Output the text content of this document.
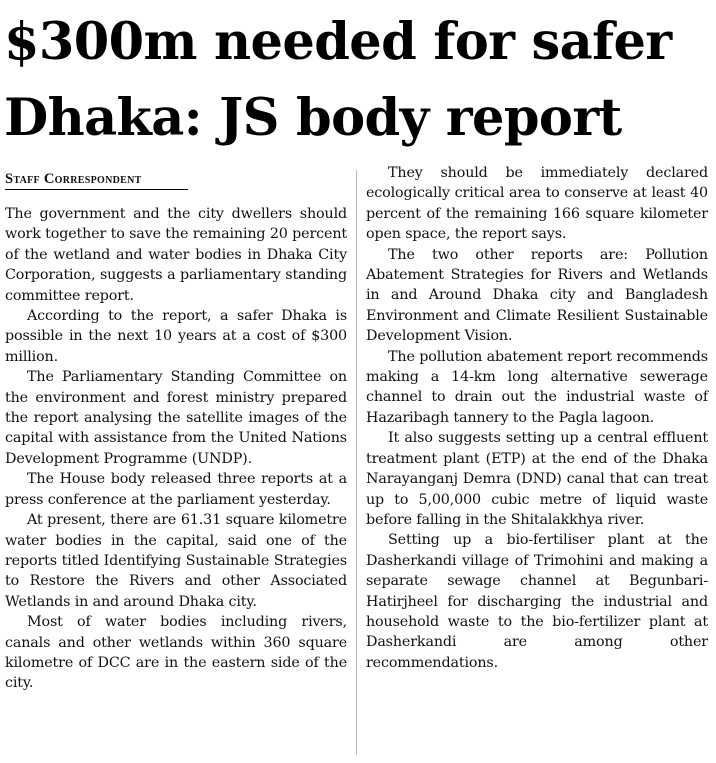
$300m needed for safer
Dhaka: JS body report
Staff Correspondent

The government and the city dwellers should work together to save the remaining 20 percent of the wetland and water bodies in Dhaka City Corporation, suggests a parliamentary standing committee report.

According to the report, a safer Dhaka is possible in the next 10 years at a cost of $300 million.

The Parliamentary Standing Committee on the environment and forest ministry prepared the report analysing the satellite images of the capital with assistance from the United Nations Development Programme (UNDP).

The House body released three reports at a press conference at the parliament yesterday.

At present, there are 61.31 square kilometre water bodies in the capital, said one of the reports titled Identifying Sustainable Strategies to Restore the Rivers and other Associated Wetlands in and around Dhaka city.

Most of water bodies including rivers, canals and other wetlands within 360 square kilometre of DCC are in the eastern side of the city.

They should be immediately declared ecologically critical area to conserve at least 40 percent of the remaining 166 square kilometer open space, the report says.

The two other reports are: Pollution Abatement Strategies for Rivers and Wetlands in and Around Dhaka city and Bangladesh Environment and Climate Resilient Sustainable Development Vision.

The pollution abatement report recommends making a 14-km long alternative sewerage channel to drain out the industrial waste of Hazaribagh tannery to the Pagla lagoon.

It also suggests setting up a central effluent treatment plant (ETP) at the end of the Dhaka Narayanganj Demra (DND) canal that can treat up to 5,00,000 cubic metre of liquid waste before falling in the Shitalakkhya river.

Setting up a bio-fertiliser plant at the Dasherkandi village of Trimohini and making a separate sewage channel at Begunbari-Hatirjheel for discharging the industrial and household waste to the bio-fertilizer plant at Dasherkandi are among other recommendations.
